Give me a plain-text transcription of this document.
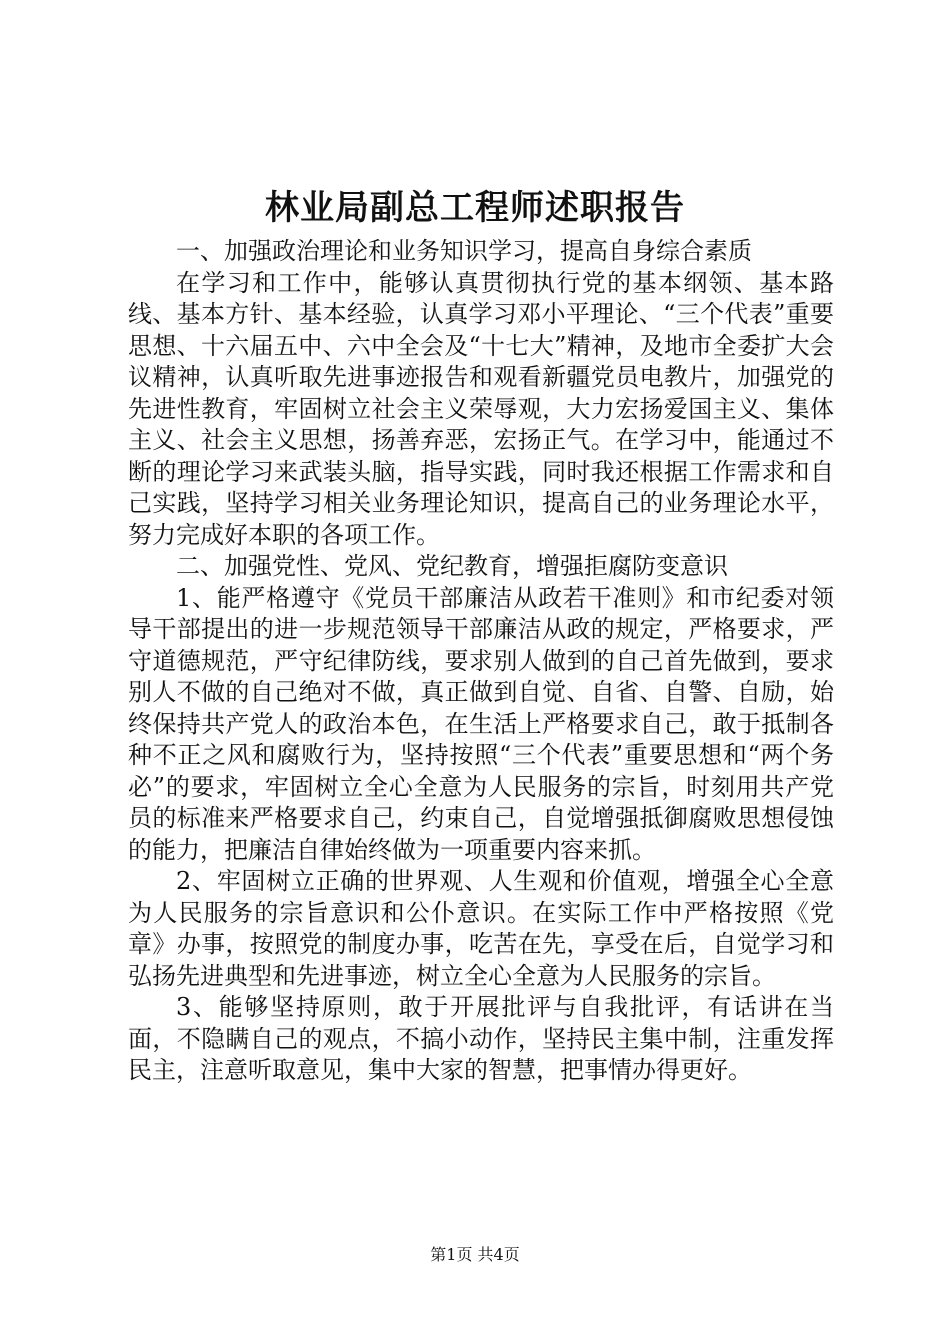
林业局副总工程师述职报告

一、加强政治理论和业务知识学习，提高自身综合素质

在学习和工作中，能够认真贯彻执行党的基本纲领、基本路线、基本方针、基本经验，认真学习邓小平理论、“三个代表”重要思想、十六届五中、六中全会及“十七大”精神，及地市全委扩大会议精神，认真听取先进事迹报告和观看新疆党员电教片，加强党的先进性教育，牢固树立社会主义荣辱观，大力宏扬爱国主义、集体主义、社会主义思想，扬善弃恶，宏扬正气。在学习中，能通过不断的理论学习来武装头脑，指导实践，同时我还根据工作需求和自己实践，坚持学习相关业务理论知识，提高自己的业务理论水平，努力完成好本职的各项工作。

二、加强党性、党风、党纪教育，增强拒腐防变意识

1、能严格遵守《党员干部廉洁从政若干准则》和市纪委对领导干部提出的进一步规范领导干部廉洁从政的规定，严格要求，严守道德规范，严守纪律防线，要求别人做到的自己首先做到，要求别人不做的自己绝对不做，真正做到自觉、自省、自警、自励，始终保持共产党人的政治本色，在生活上严格要求自己，敢于抵制各种不正之风和腐败行为，坚持按照“三个代表”重要思想和“两个务必”的要求，牢固树立全心全意为人民服务的宗旨，时刻用共产党员的标准来严格要求自己，约束自己，自觉增强抵御腐败思想侵蚀的能力，把廉洁自律始终做为一项重要内容来抓。

2、牢固树立正确的世界观、人生观和价值观，增强全心全意为人民服务的宗旨意识和公仆意识。在实际工作中严格按照《党章》办事，按照党的制度办事，吃苦在先，享受在后，自觉学习和弘扬先进典型和先进事迹，树立全心全意为人民服务的宗旨。

3、能够坚持原则，敢于开展批评与自我批评，有话讲在当面，不隐瞒自己的观点，不搞小动作，坚持民主集中制，注重发挥民主，注意听取意见，集中大家的智慧，把事情办得更好。

第1页 共4页
